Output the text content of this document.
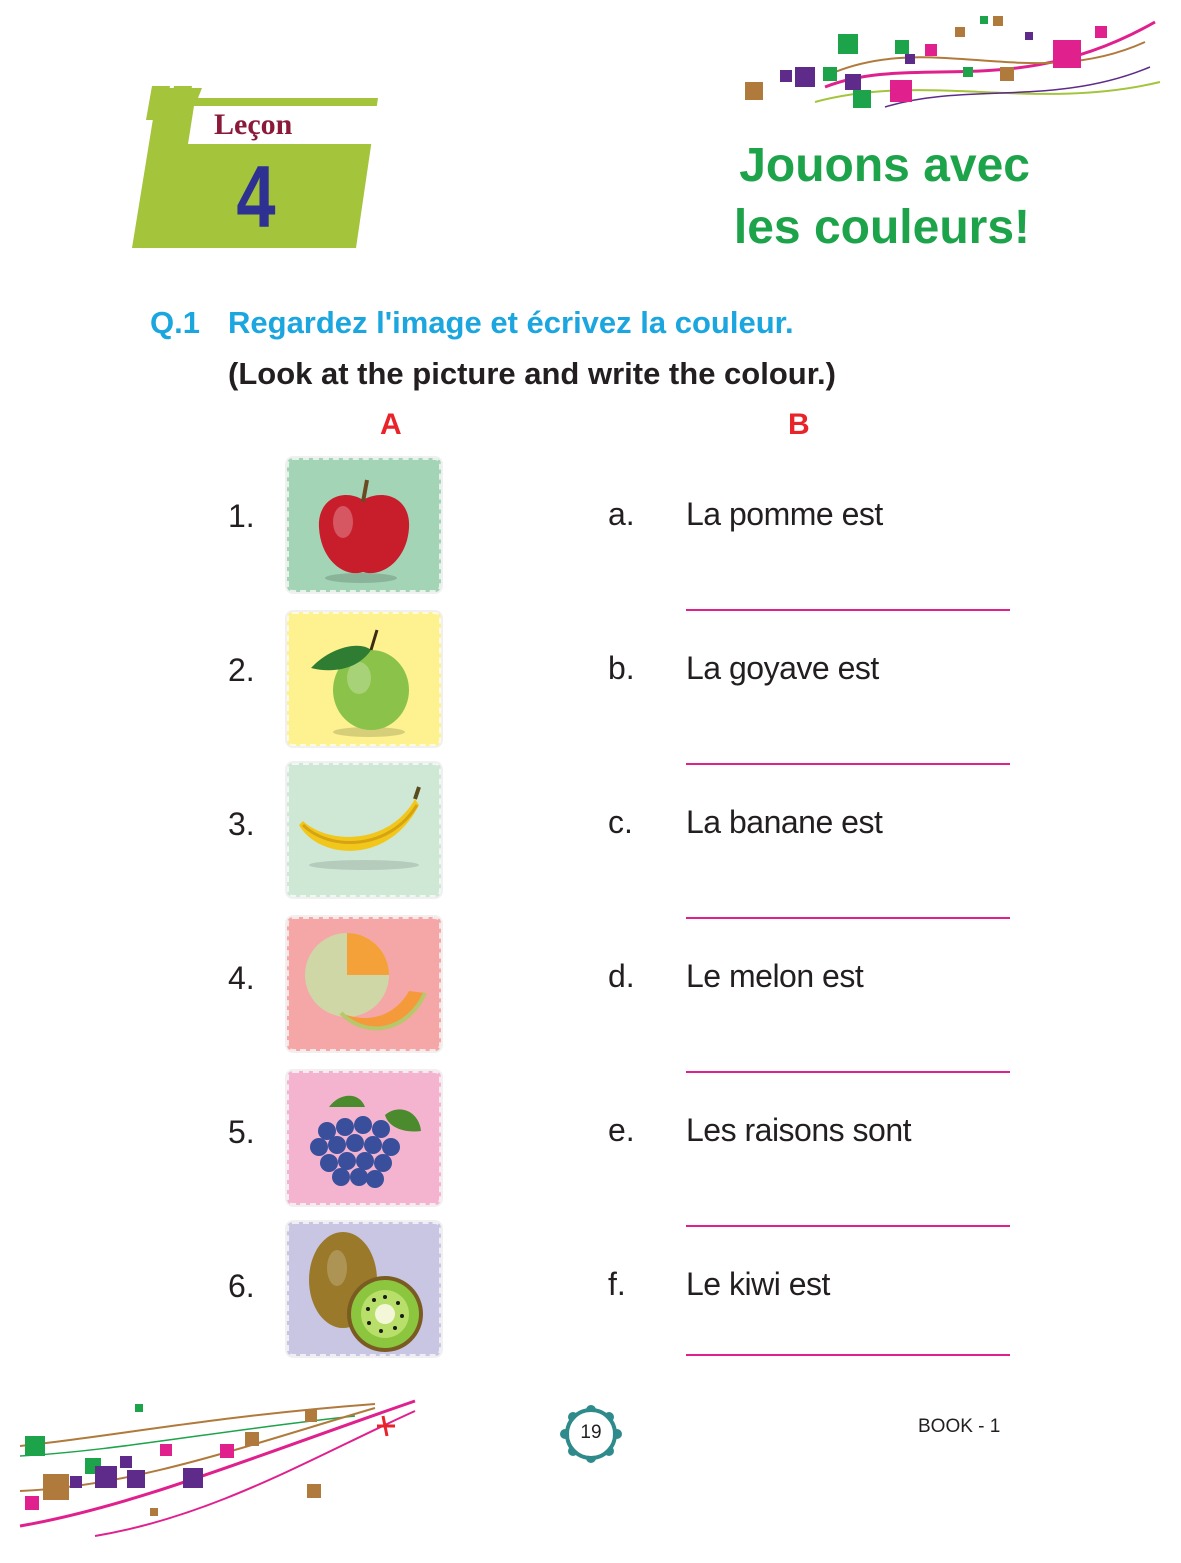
Leçon
4	Jouons avec
les couleurs!
Q.1 Regardez l'image et écrivez la couleur.
(Look at the picture and write the colour.)
A	B
1.	a. La pomme est
2.	b. La goyave est
3.	c. La banane est
4.	d. Le melon est
5.	e. Les raisons sont
6.	f. Le kiwi est
19	BOOK - 1
